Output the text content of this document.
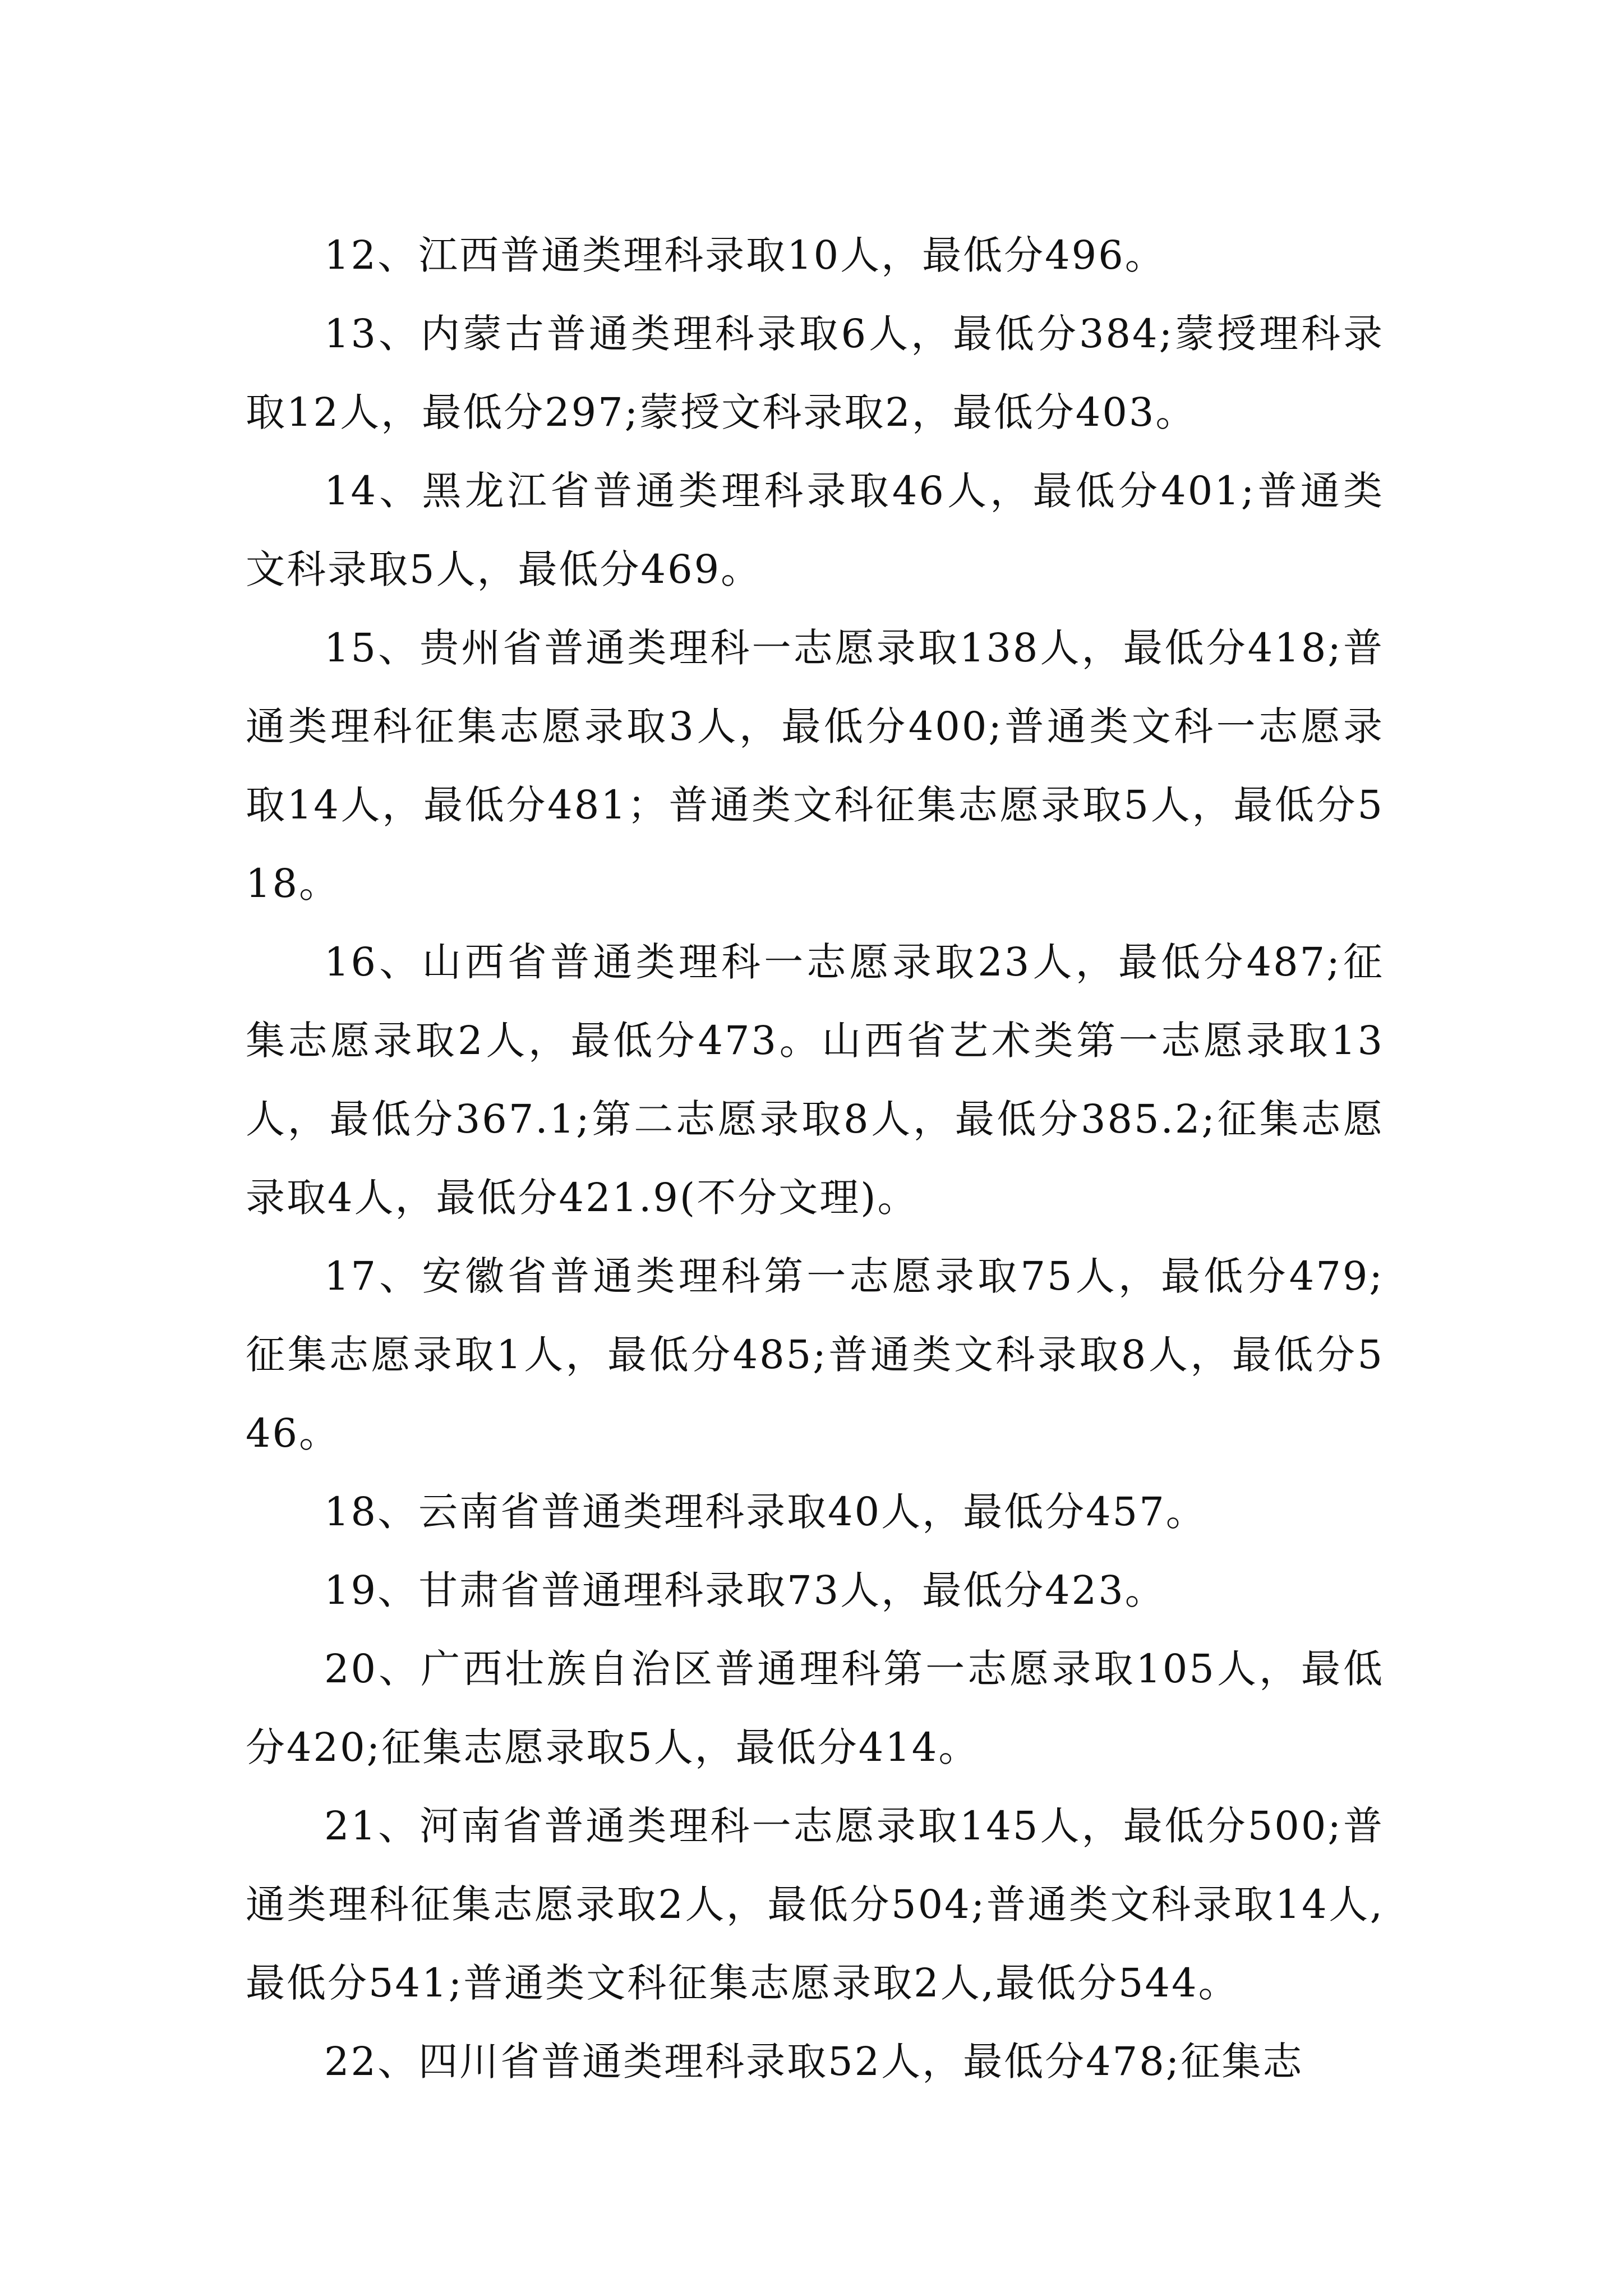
12、江西普通类理科录取10人，最低分496。

13、内蒙古普通类理科录取6人，最低分384;蒙授理科录取12人，最低分297;蒙授文科录取2，最低分403。

14、黑龙江省普通类理科录取46人，最低分401;普通类文科录取5人，最低分469。

15、贵州省普通类理科一志愿录取138人，最低分418;普通类理科征集志愿录取3人，最低分400;普通类文科一志愿录取14人，最低分481；普通类文科征集志愿录取5人，最低分518。

16、山西省普通类理科一志愿录取23人，最低分487;征集志愿录取2人，最低分473。山西省艺术类第一志愿录取13人，最低分367.1;第二志愿录取8人，最低分385.2;征集志愿录取4人，最低分421.9(不分文理)。

17、安徽省普通类理科第一志愿录取75人，最低分479;征集志愿录取1人，最低分485;普通类文科录取8人，最低分546。

18、云南省普通类理科录取40人，最低分457。

19、甘肃省普通理科录取73人，最低分423。

20、广西壮族自治区普通理科第一志愿录取105人，最低分420;征集志愿录取5人，最低分414。

21、河南省普通类理科一志愿录取145人，最低分500;普通类理科征集志愿录取2人，最低分504;普通类文科录取14人,最低分541;普通类文科征集志愿录取2人,最低分544。

22、四川省普通类理科录取52人，最低分478;征集志
